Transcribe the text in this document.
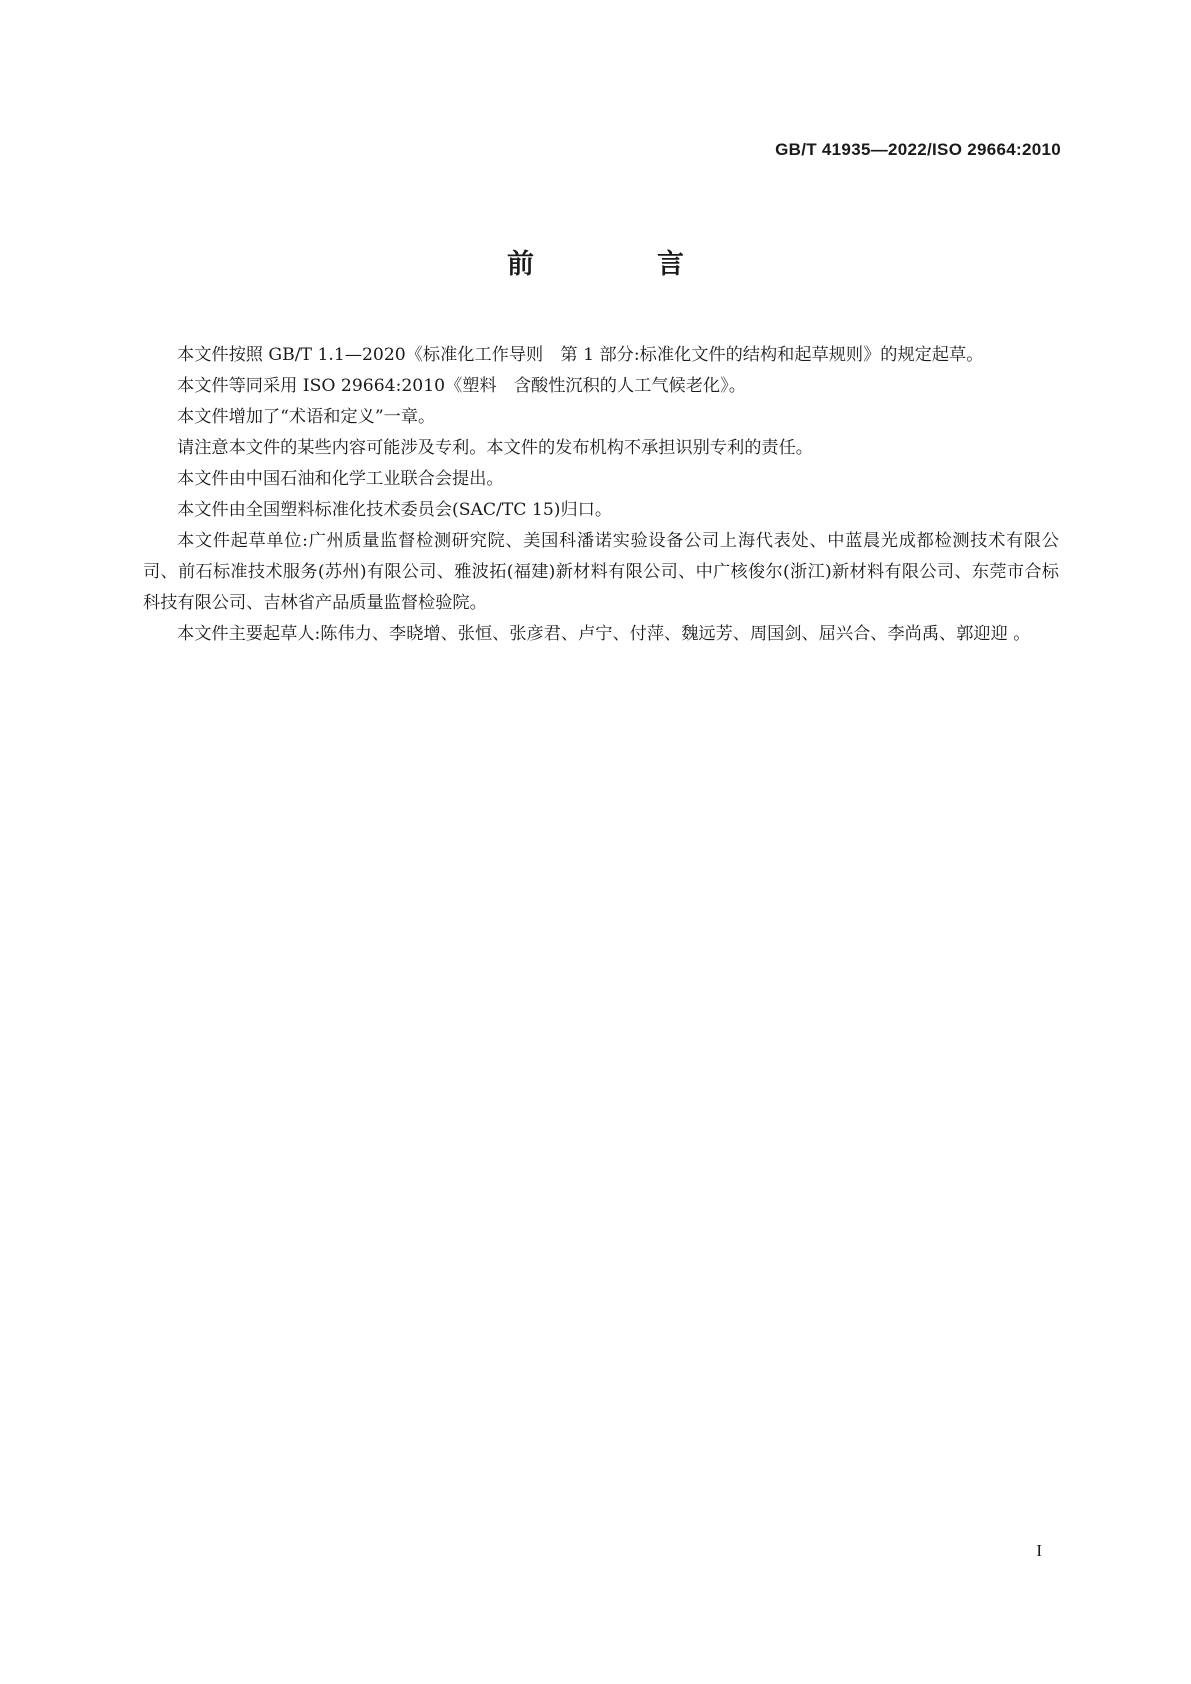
GB/T 41935—2022/ISO 29664:2010
前　言

本文件按照 GB/T 1.1—2020《标准化工作导则　第 1 部分:标准化文件的结构和起草规则》的规定起草。

本文件等同采用 ISO 29664:2010《塑料　含酸性沉积的人工气候老化》。

本文件增加了“术语和定义”一章。

请注意本文件的某些内容可能涉及专利。本文件的发布机构不承担识别专利的责任。

本文件由中国石油和化学工业联合会提出。

本文件由全国塑料标准化技术委员会(SAC/TC 15)归口。

本文件起草单位:广州质量监督检测研究院、美国科潘诺实验设备公司上海代表处、中蓝晨光成都检测技术有限公司、前石标准技术服务(苏州)有限公司、雅波拓(福建)新材料有限公司、中广核俊尔(浙江)新材料有限公司、东莞市合标科技有限公司、吉林省产品质量监督检验院。

本文件主要起草人:陈伟力、李晓增、张恒、张彦君、卢宁、付萍、魏远芳、周国剑、屈兴合、李尚禹、郭迎迎 。

I
